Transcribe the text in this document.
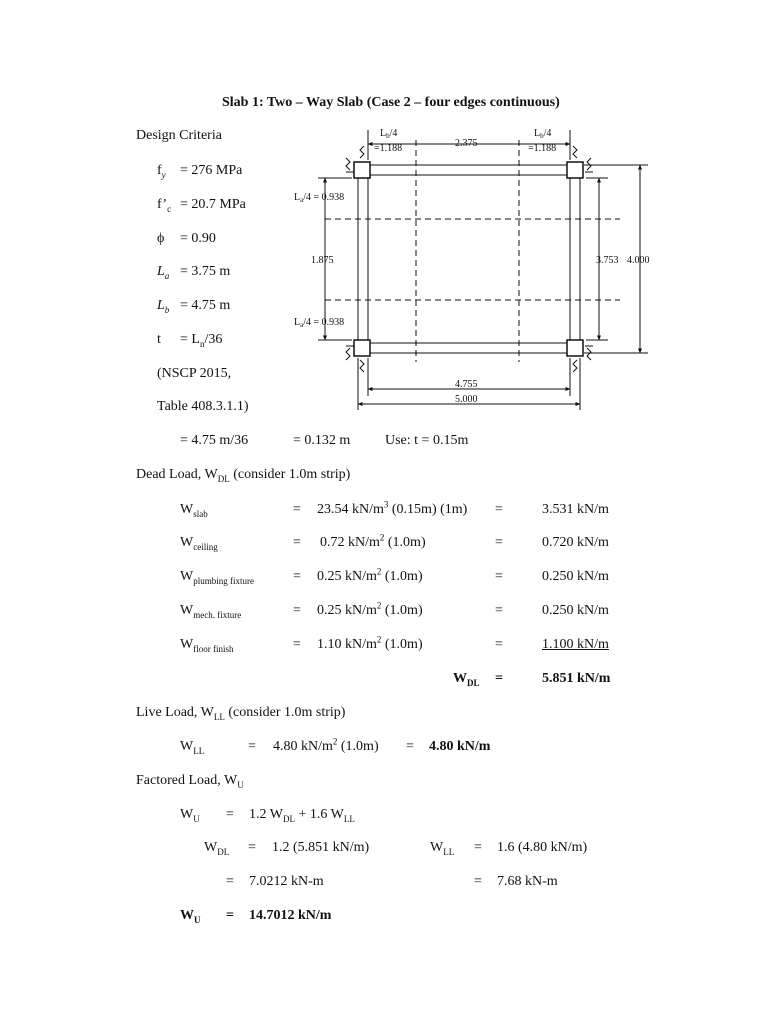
Slab 1: Two – Way Slab (Case 2 – four edges continuous)
Design Criteria
$f_y = 276$ MPa
$f’_c = 20.7$ MPa
ϕ = 0.90
$L_a = 3.75$ m
$L_b = 4.75$ m
$t = L_n/36$
(NSCP 2015,
Table 408.3.1.1)
= 4.75 m/36	= 0.132 m Use: t = 0.15m
$L_b/4$
=1.188	2.375
$L_b/4$
=1.188
$L_a/4 = 0.938$
1.875
$L_a/4 = 0.938$
3.753 4.000
4.755
5.000
Dead Load, $W_{DL}$ (consider 1.0m strip)
$W_{slab}$	= 23.54 $kN/m^3$ (0.15m) (1m) =	3.531 kN/m
$W_{ceiling}$	= 0.72 $kN/m^2$ (1.0m)	=	0.720 kN/m
$W_{plumbing fixture}$	= 0.25 $kN/m^2$ (1.0m)	=	0.250 kN/m
$W_{mech. fixture}$	= 0.25 $kN/m^2$ (1.0m)	=	0.250 kN/m
$W_{floor finish}$	= 1.10 $kN/m^2$ (1.0m)	=	1.100 kN/m
$W_{DL}$ =	5.851 kN/m
Live Load, $W_{LL}$ (consider 1.0m strip)
$W_{LL}$	= 4.80 $kN/m^2$ (1.0m) = 4.80 kN/m
Factored Load, $W_U$
$W_U = 1.2$ $W_{DL} + 1.6$ $W_{LL}$
$W_{DL} = 1.2$ (5.851 kN/m)	$W_{LL} = 1.6$ (4.80 kN/m)
= 7.0212 kN-m	= 7.68 kN-m
$W_U = 14.7012$ kN/m
